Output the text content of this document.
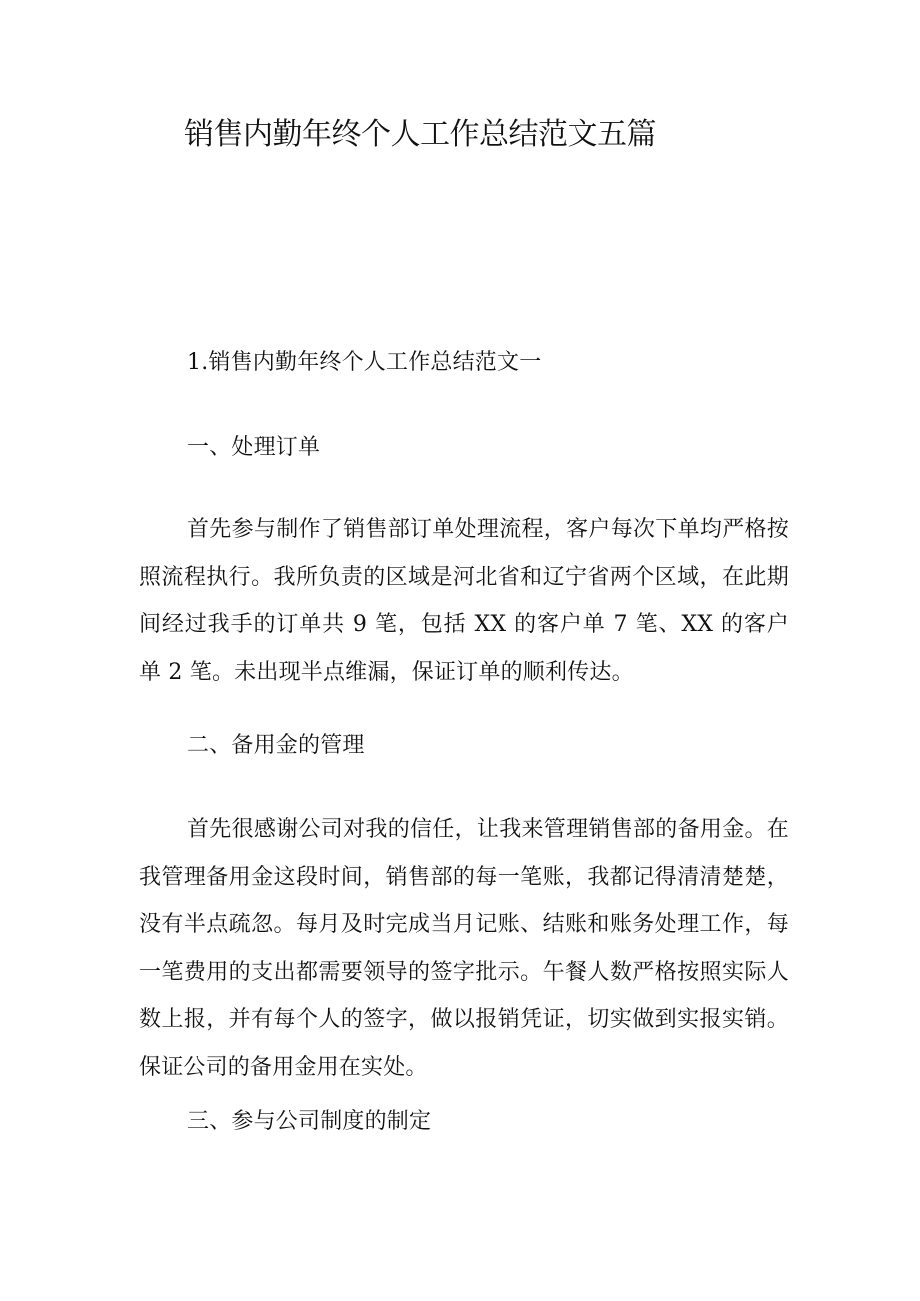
销售内勤年终个人工作总结范文五篇

1.销售内勤年终个人工作总结范文一

一、处理订单

首先参与制作了销售部订单处理流程，客户每次下单均严格按照流程执行。我所负责的区域是河北省和辽宁省两个区域，在此期间经过我手的订单共 9 笔，包括 XX 的客户单 7 笔、XX 的客户单 2 笔。未出现半点维漏，保证订单的顺利传达。

二、备用金的管理

首先很感谢公司对我的信任，让我来管理销售部的备用金。在我管理备用金这段时间，销售部的每一笔账，我都记得清清楚楚，没有半点疏忽。每月及时完成当月记账、结账和账务处理工作，每一笔费用的支出都需要领导的签字批示。午餐人数严格按照实际人数上报，并有每个人的签字，做以报销凭证，切实做到实报实销。保证公司的备用金用在实处。

三、参与公司制度的制定
